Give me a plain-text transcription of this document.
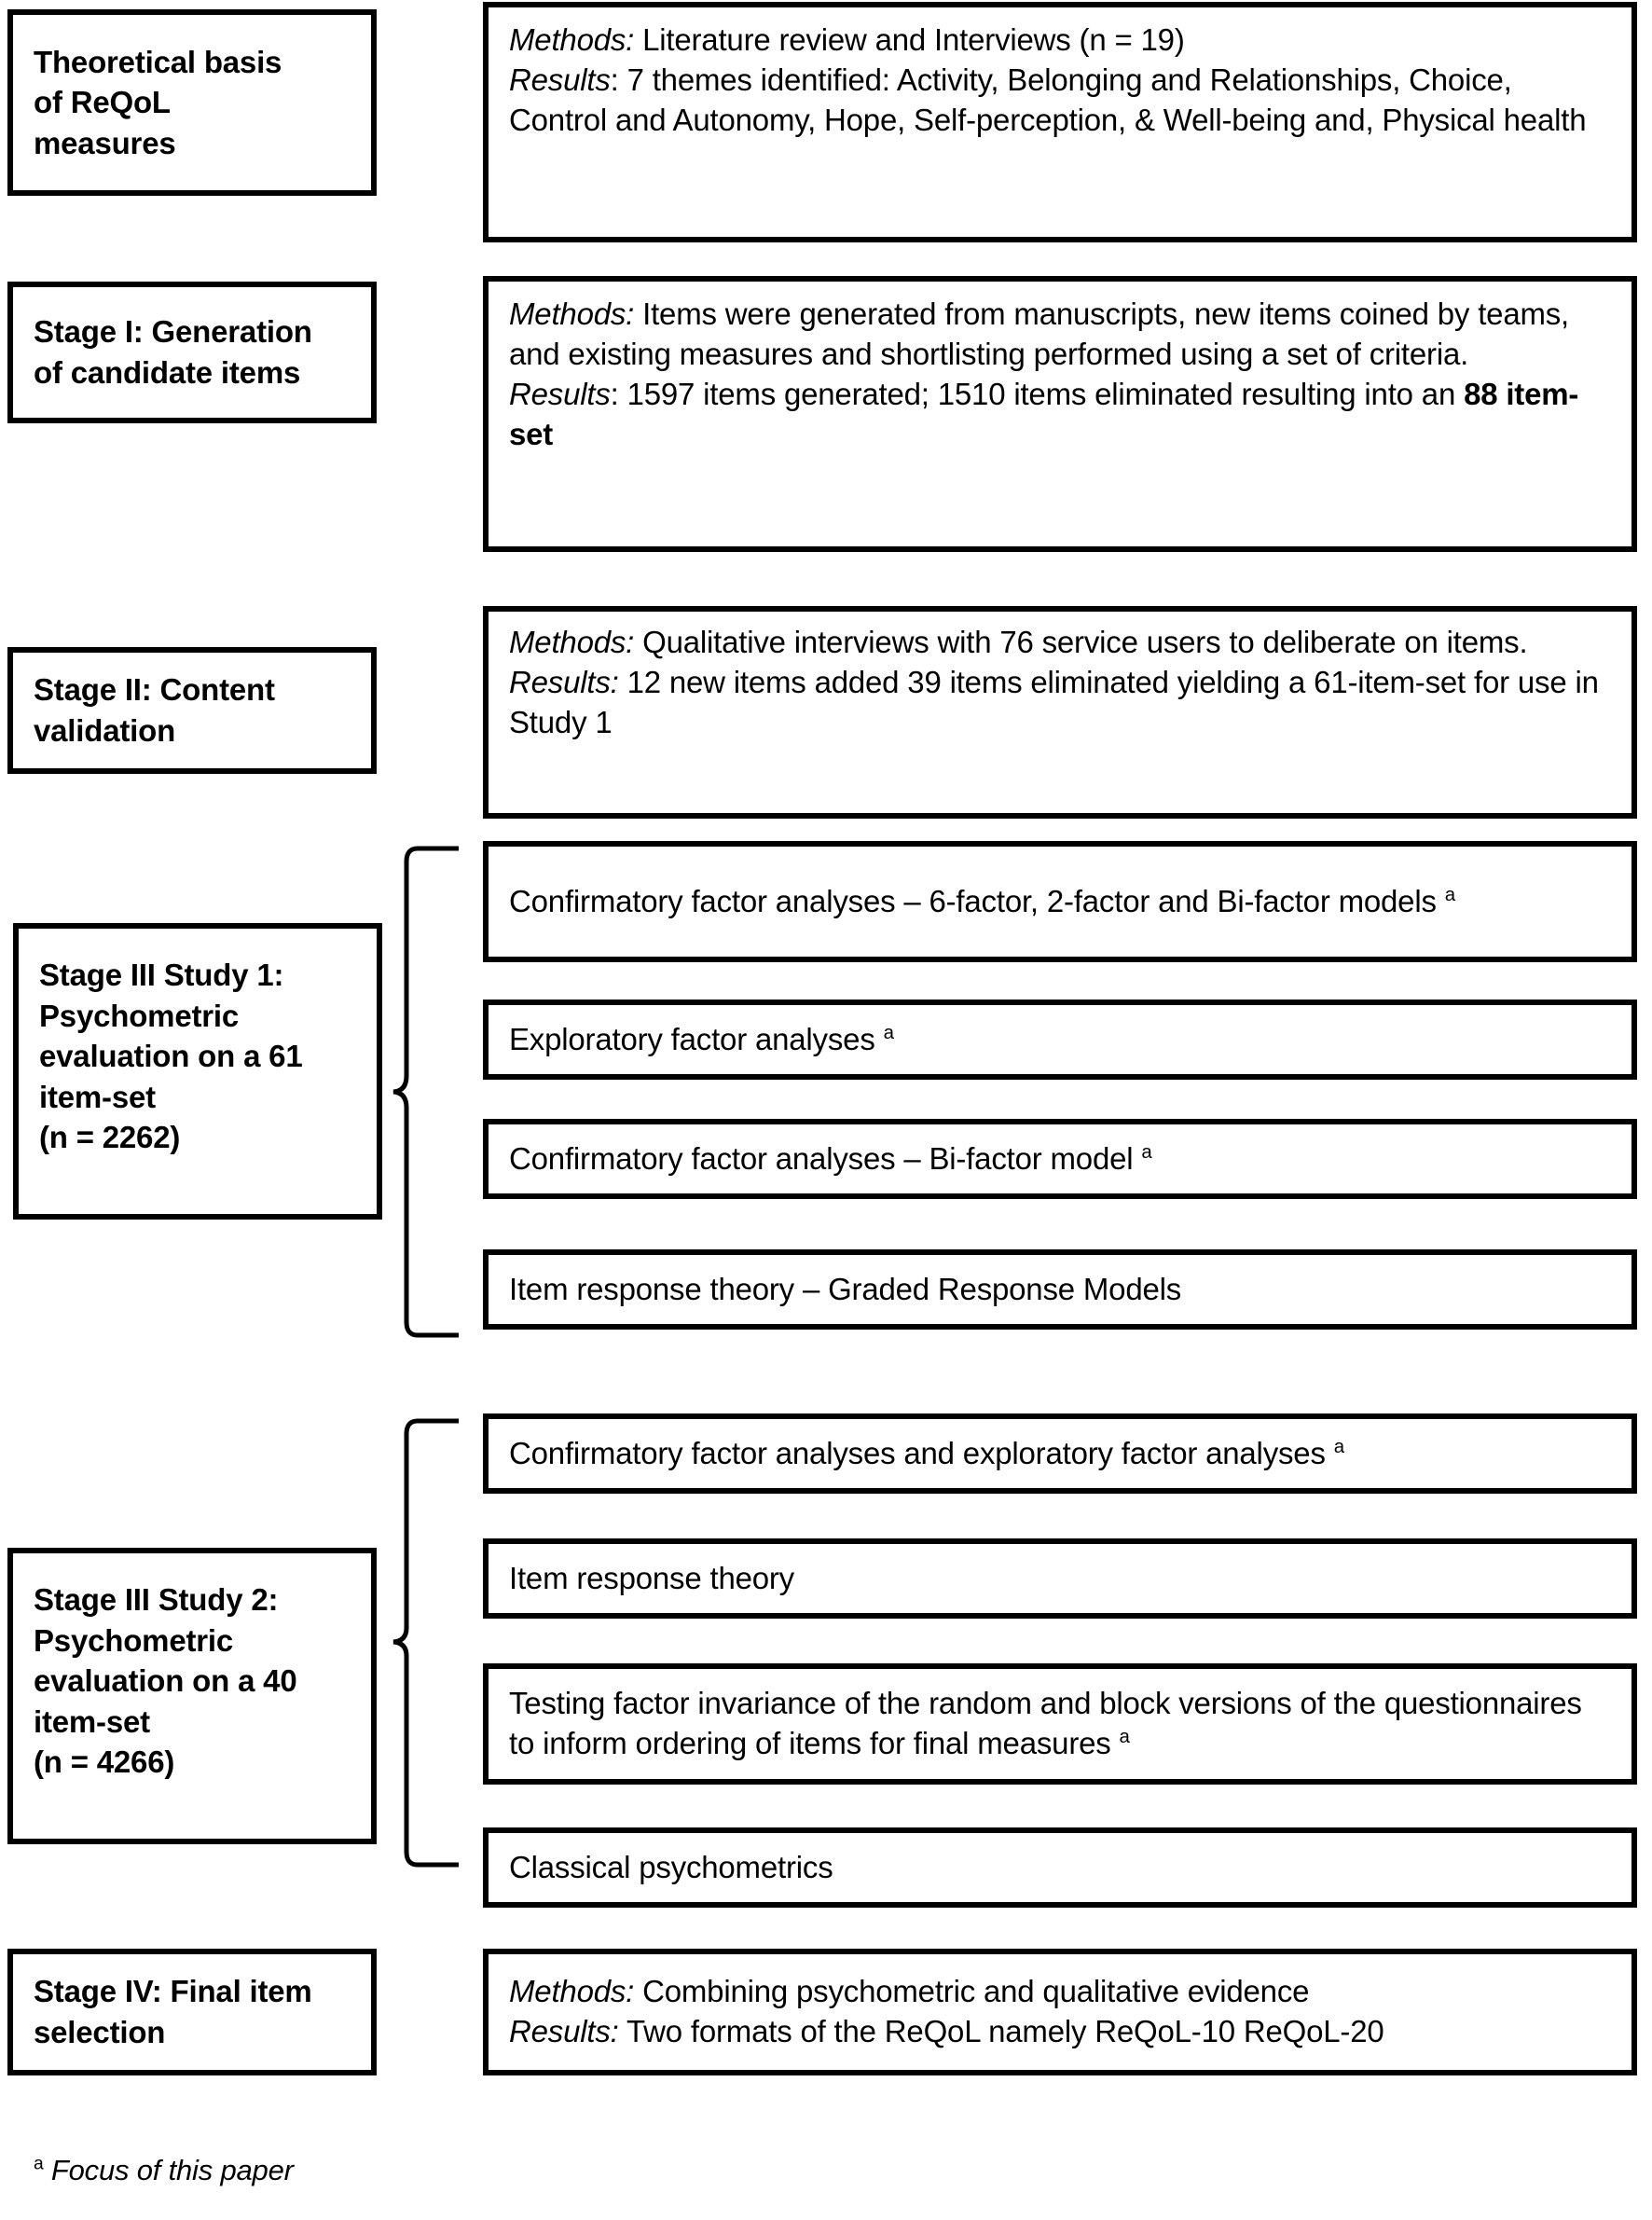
Theoretical basis

of ReQoL

measures

Methods: Literature review and Interviews (n = 19)

Results: 7 themes identified: Activity, Belonging and Relationships, Choice, Control and Autonomy, Hope, Self-perception, & Well-being and, Physical health

Stage I: Generation

of candidate items

Methods: Items were generated from manuscripts, new items coined by teams, and existing measures and shortlisting performed using a set of criteria.

Results: 1597 items generated; 1510 items eliminated resulting into an 88 item-set

Stage II: Content

validation

Methods: Qualitative interviews with 76 service users to deliberate on items.

Results: 12 new items added 39 items eliminated yielding a 61-item-set for use in Study 1

Stage III Study 1:

Psychometric

evaluation on a 61

item-set

(n = 2262)

Confirmatory factor analyses – 6-factor, 2-factor and Bi-factor models $^a$

Exploratory factor analyses $^a$

Confirmatory factor analyses – Bi-factor model $^a$

Item response theory – Graded Response Models

Stage III Study 2:

Psychometric

evaluation on a 40

item-set

(n = 4266)

Confirmatory factor analyses and exploratory factor analyses $^a$

Item response theory

Testing factor invariance of the random and block versions of the questionnaires to inform ordering of items for final measures $^a$

Classical psychometrics

Stage IV: Final item

selection

Methods: Combining psychometric and qualitative evidence

Results: Two formats of the ReQoL namely ReQoL-10 ReQoL-20

$^a$ Focus of this paper
